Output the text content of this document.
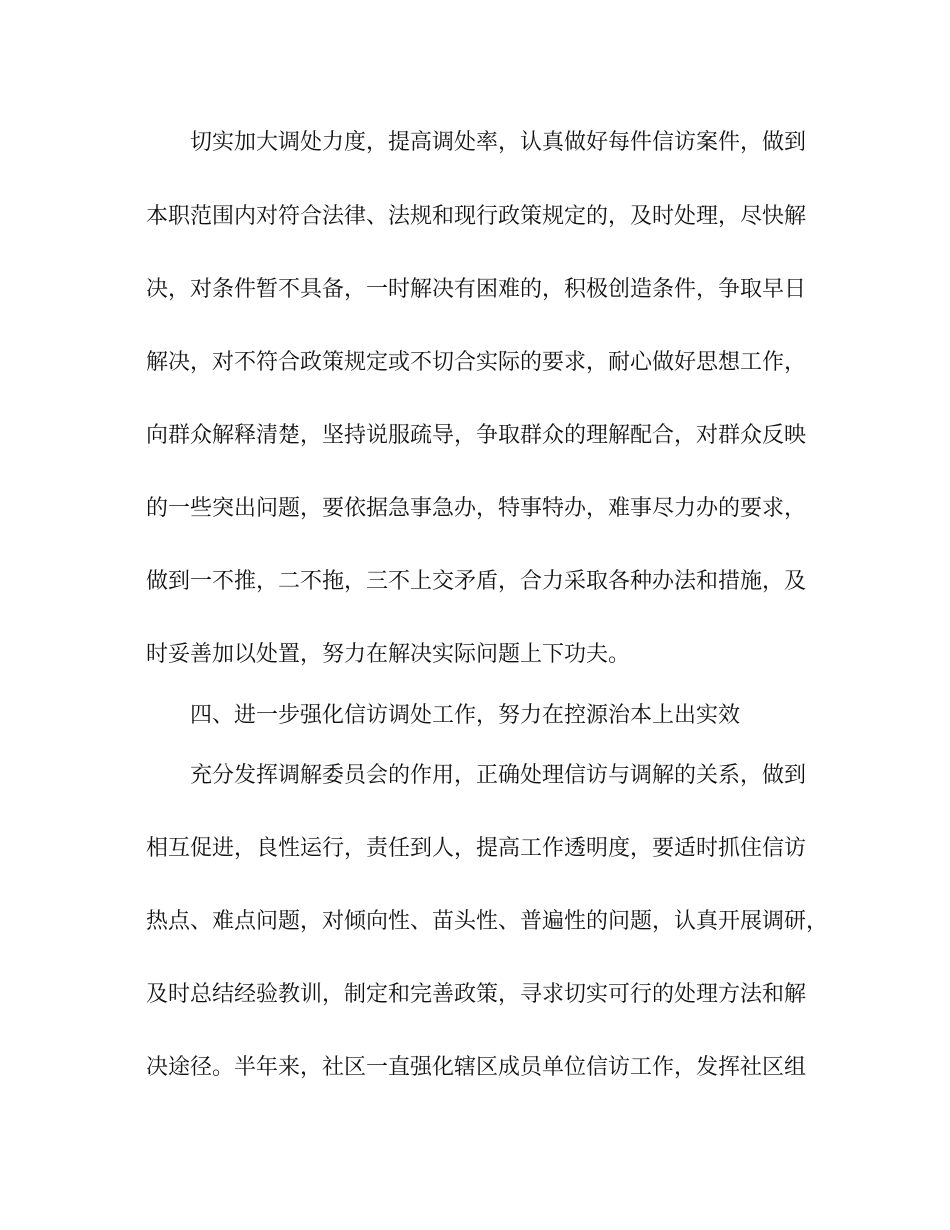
切实加大调处力度，提高调处率，认真做好每件信访案件，做到

本职范围内对符合法律、法规和现行政策规定的，及时处理，尽快解

决，对条件暂不具备，一时解决有困难的，积极创造条件，争取早日

解决，对不符合政策规定或不切合实际的要求，耐心做好思想工作，

向群众解释清楚，坚持说服疏导，争取群众的理解配合，对群众反映

的一些突出问题，要依据急事急办，特事特办，难事尽力办的要求，

做到一不推，二不拖，三不上交矛盾，合力采取各种办法和措施，及

时妥善加以处置，努力在解决实际问题上下功夫。

四、进一步强化信访调处工作，努力在控源治本上出实效

充分发挥调解委员会的作用，正确处理信访与调解的关系，做到

相互促进，良性运行，责任到人，提高工作透明度，要适时抓住信访

热点、难点问题，对倾向性、苗头性、普遍性的问题，认真开展调研，

及时总结经验教训，制定和完善政策，寻求切实可行的处理方法和解

决途径。半年来，社区一直强化辖区成员单位信访工作，发挥社区组
